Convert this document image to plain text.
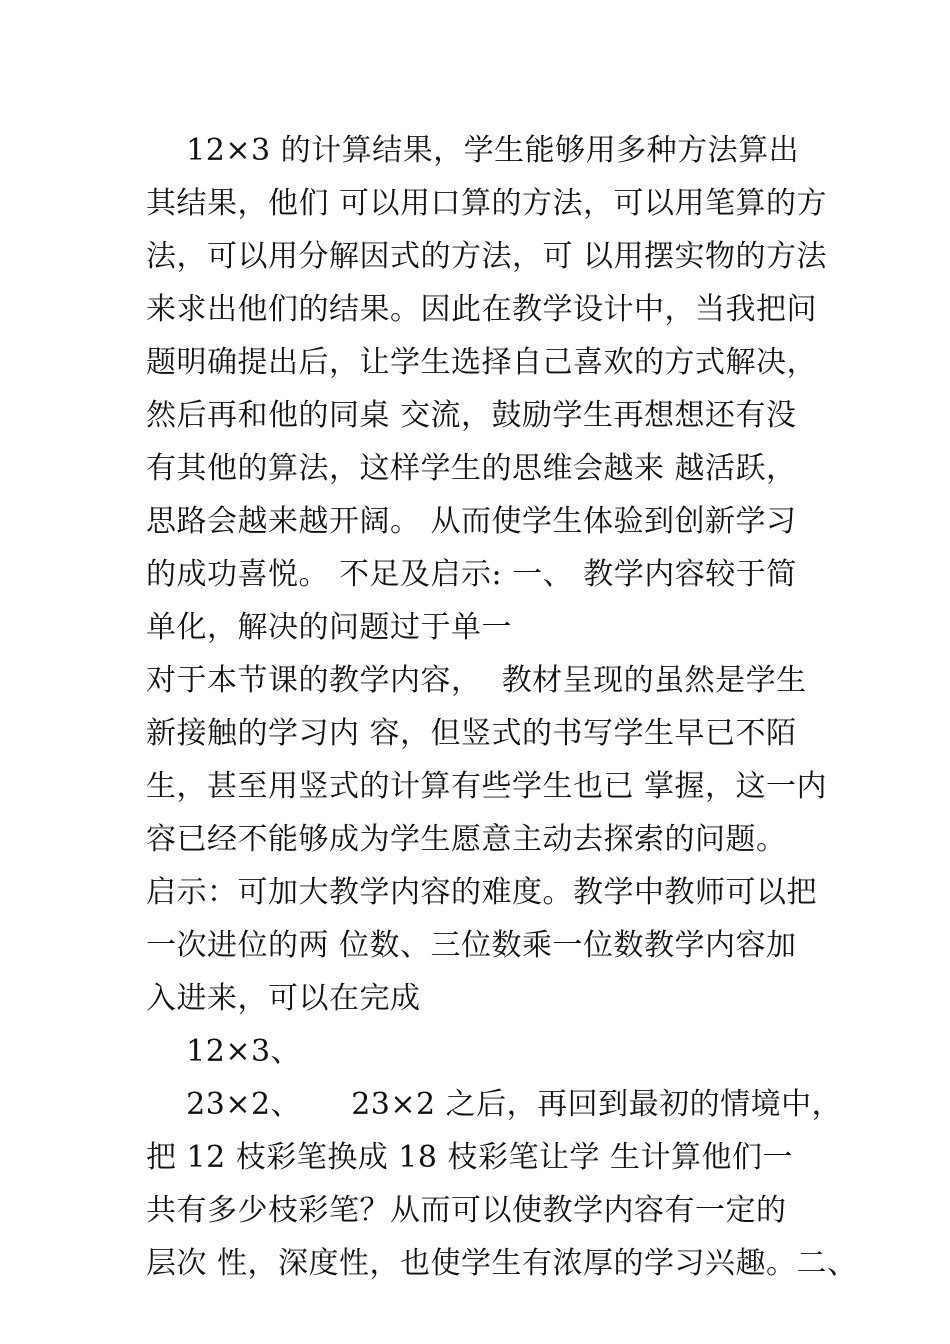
12×3 的计算结果，学生能够用多种方法算出
其结果，他们 可以用口算的方法，可以用笔算的方
法，可以用分解因式的方法，可 以用摆实物的方法
来求出他们的结果。因此在教学设计中，当我把问
题明确提出后，让学生选择自己喜欢的方式解决，
然后再和他的同桌 交流，鼓励学生再想想还有没
有其他的算法，这样学生的思维会越来 越活跃，
思路会越来越开阔。 从而使学生体验到创新学习
的成功喜悦。 不足及启示: 一、 教学内容较于简
单化，解决的问题过于单一
对于本节课的教学内容，  教材呈现的虽然是学生
新接触的学习内 容，但竖式的书写学生早已不陌
生，甚至用竖式的计算有些学生也已 掌握，这一内
容已经不能够成为学生愿意主动去探索的问题。
启示：可加大教学内容的难度。教学中教师可以把
一次进位的两 位数、三位数乘一位数教学内容加
入进来，可以在完成
12×3、
23×2、     23×2 之后，再回到最初的情境中，
把 12 枝彩笔换成 18 枝彩笔让学 生计算他们一
共有多少枝彩笔？从而可以使教学内容有一定的
层次 性，深度性，也使学生有浓厚的学习兴趣。二、
